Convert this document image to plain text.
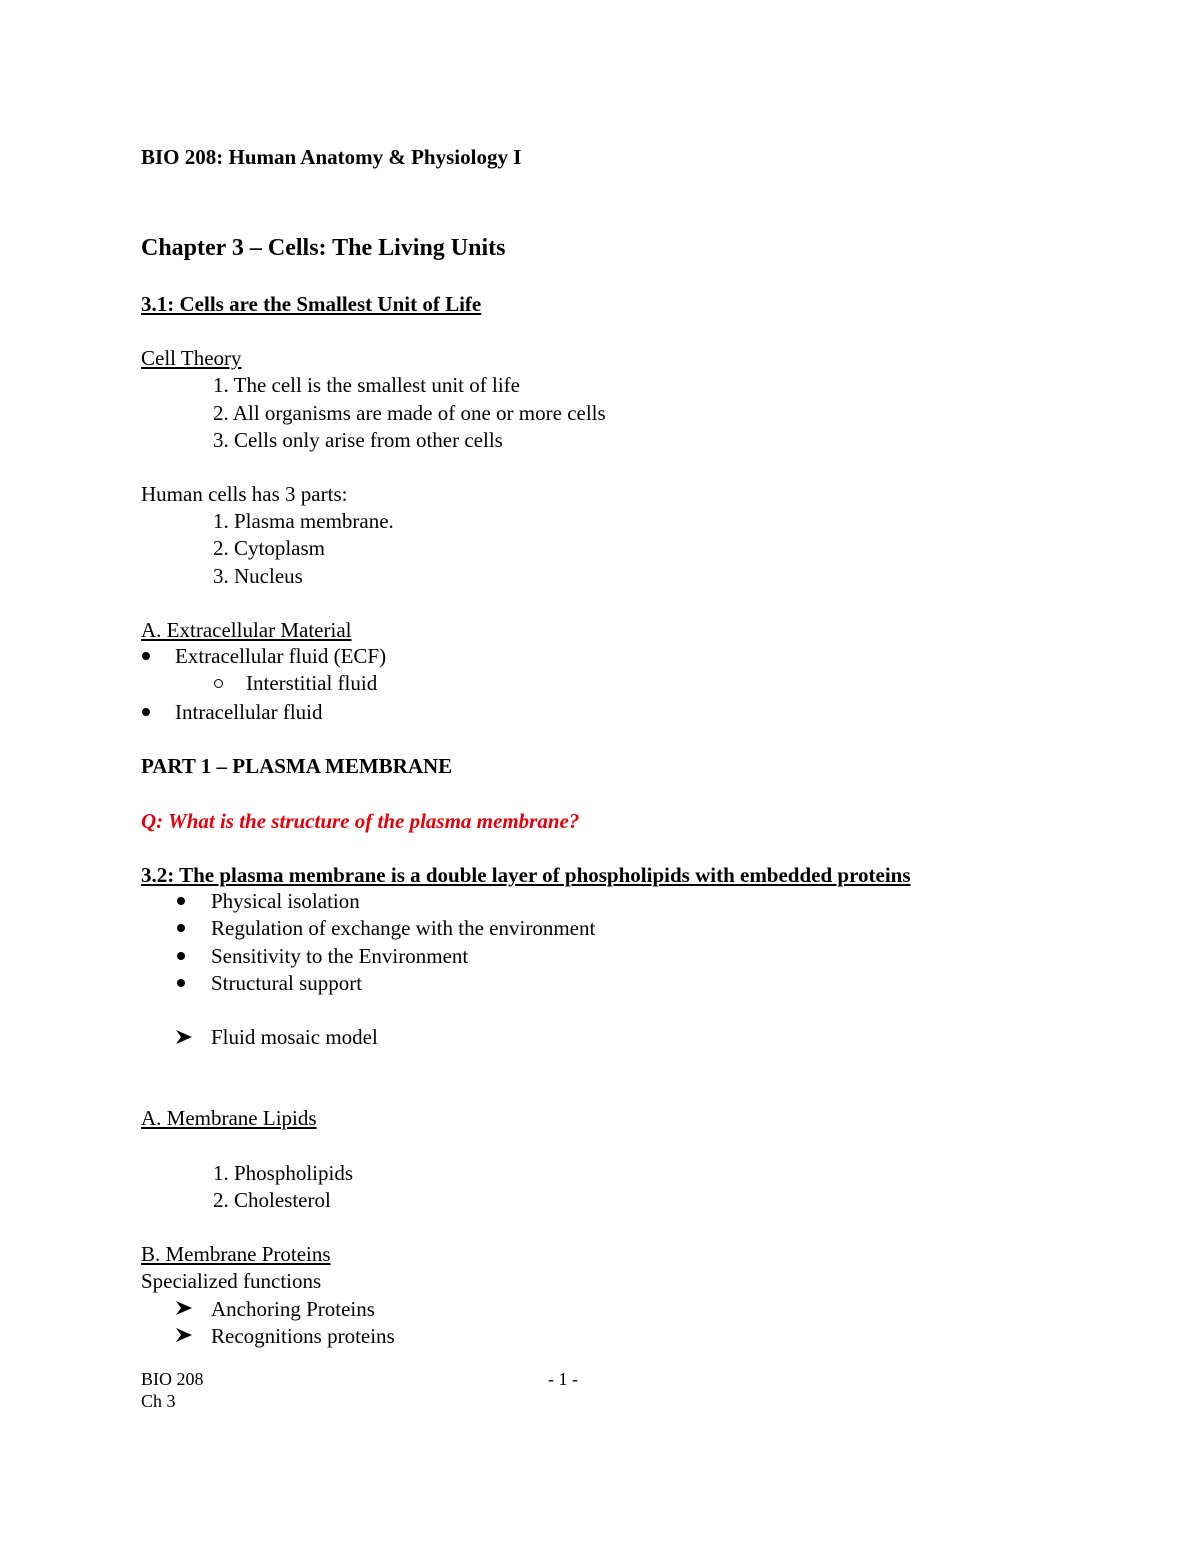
BIO 208: Human Anatomy & Physiology I
Chapter 3 – Cells: The Living Units
3.1: Cells are the Smallest Unit of Life
Cell Theory
1. The cell is the smallest unit of life
2. All organisms are made of one or more cells
3. Cells only arise from other cells
Human cells has 3 parts:
1. Plasma membrane.
2. Cytoplasm
3. Nucleus
A. Extracellular Material
Extracellular fluid (ECF)
Interstitial fluid
Intracellular fluid
PART 1 – PLASMA MEMBRANE
Q: What is the structure of the plasma membrane?
3.2: The plasma membrane is a double layer of phospholipids with embedded proteins
Physical isolation
Regulation of exchange with the environment
Sensitivity to the Environment
Structural support
Fluid mosaic model
A. Membrane Lipids
1. Phospholipids
2. Cholesterol
B. Membrane Proteins
Specialized functions
Anchoring Proteins
Recognitions proteins
BIO 208
Ch 3
- 1 -
